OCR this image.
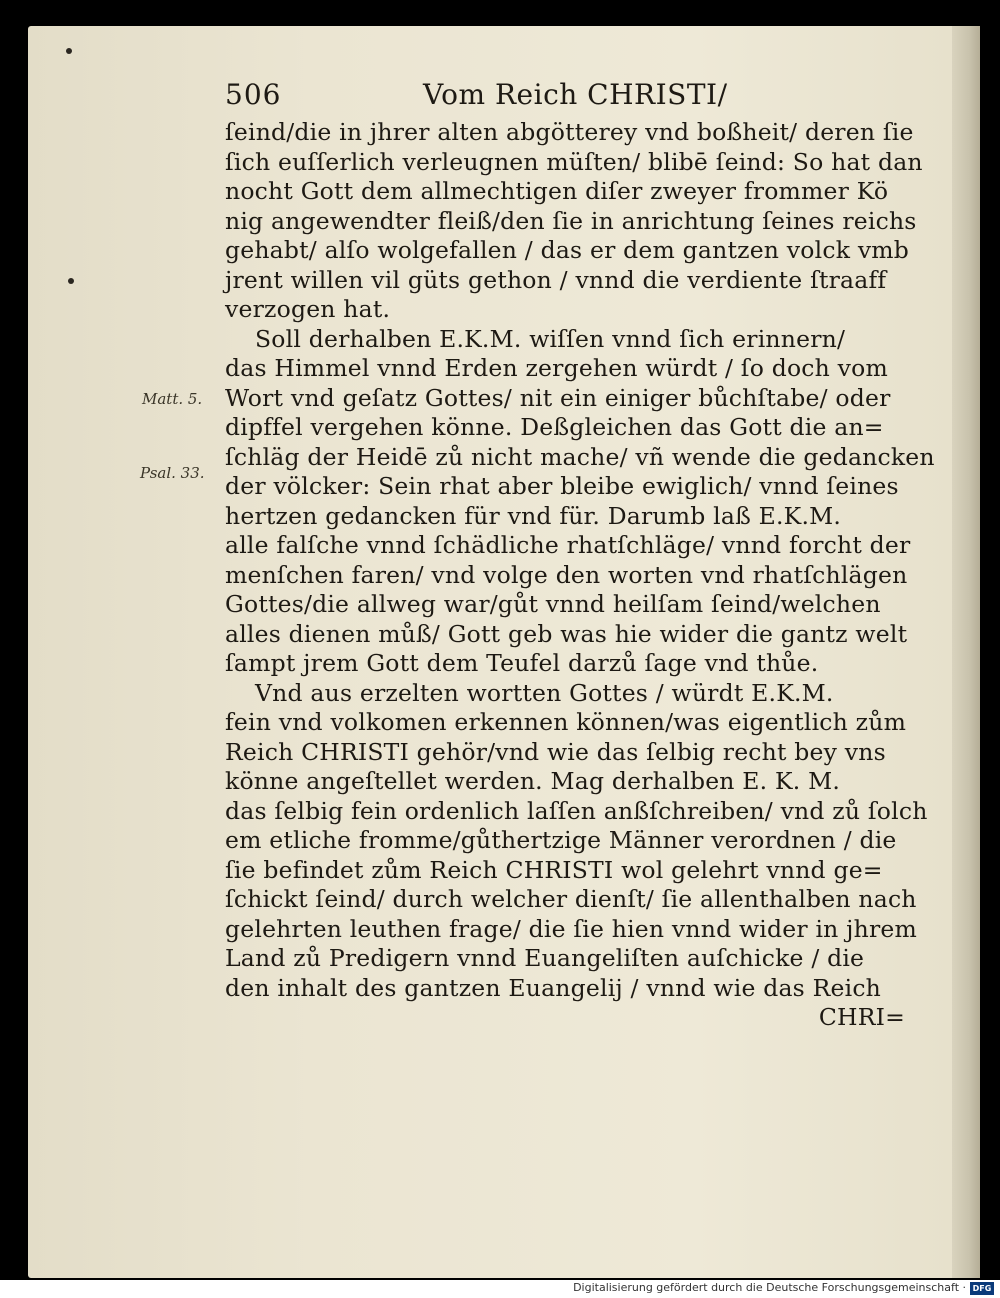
506	Vom Reich CHRISTI/
Matt. 5.
Psal. 33.
ſeind/die in jhrer alten abgötterey vnd boßheit/ deren ſie
ſich euſſerlich verleugnen müſten/ blibē ſeind: So hat dan
nocht Gott dem allmechtigen diſer zweyer frommer Kö
nig angewendter fleiß/den ſie in anrichtung ſeines reichs
gehabt/ alſo wolgefallen / das er dem gantzen volck vmb
jrent willen vil güts gethon / vnnd die verdiente ſtraaff
verzogen hat.
Soll derhalben E.K.M. wiſſen vnnd ſich erinnern/
das Himmel vnnd Erden zergehen würdt / ſo doch vom
Wort vnd geſatz Gottes/ nit ein einiger bůchſtabe/ oder
dipffel vergehen könne. Deßgleichen das Gott die an=
ſchläg der Heidē zů nicht mache/ vñ wende die gedancken
der völcker: Sein rhat aber bleibe ewiglich/ vnnd ſeines
hertzen gedancken für vnd für. Darumb laß E.K.M.
alle falſche vnnd ſchädliche rhatſchläge/ vnnd forcht der
menſchen faren/ vnd volge den worten vnd rhatſchlägen
Gottes/die allweg war/gůt vnnd heilſam ſeind/welchen
alles dienen můß/ Gott geb was hie wider die gantz welt
ſampt jrem Gott dem Teufel darzů ſage vnd thůe.
Vnd aus erzelten wortten Gottes / würdt E.K.M.
fein vnd volkomen erkennen können/was eigentlich zům
Reich CHRISTI gehör/vnd wie das ſelbig recht bey vns
könne angeſtellet werden. Mag derhalben E. K. M.
das ſelbig fein ordenlich laſſen anßſchreiben/ vnd zů ſolch
em etliche fromme/gůthertzige Männer verordnen / die
ſie befindet zům Reich CHRISTI wol gelehrt vnnd ge=
ſchickt ſeind/ durch welcher dienſt/ ſie allenthalben nach
gelehrten leuthen frage/ die ſie hien vnnd wider in jhrem
Land zů Predigern vnnd Euangeliſten auſchicke / die
den inhalt des gantzen Euangelij / vnnd wie das Reich
CHRI=
Digitalisierung gefördert durch die Deutsche Forschungsgemeinschaft · DFG
